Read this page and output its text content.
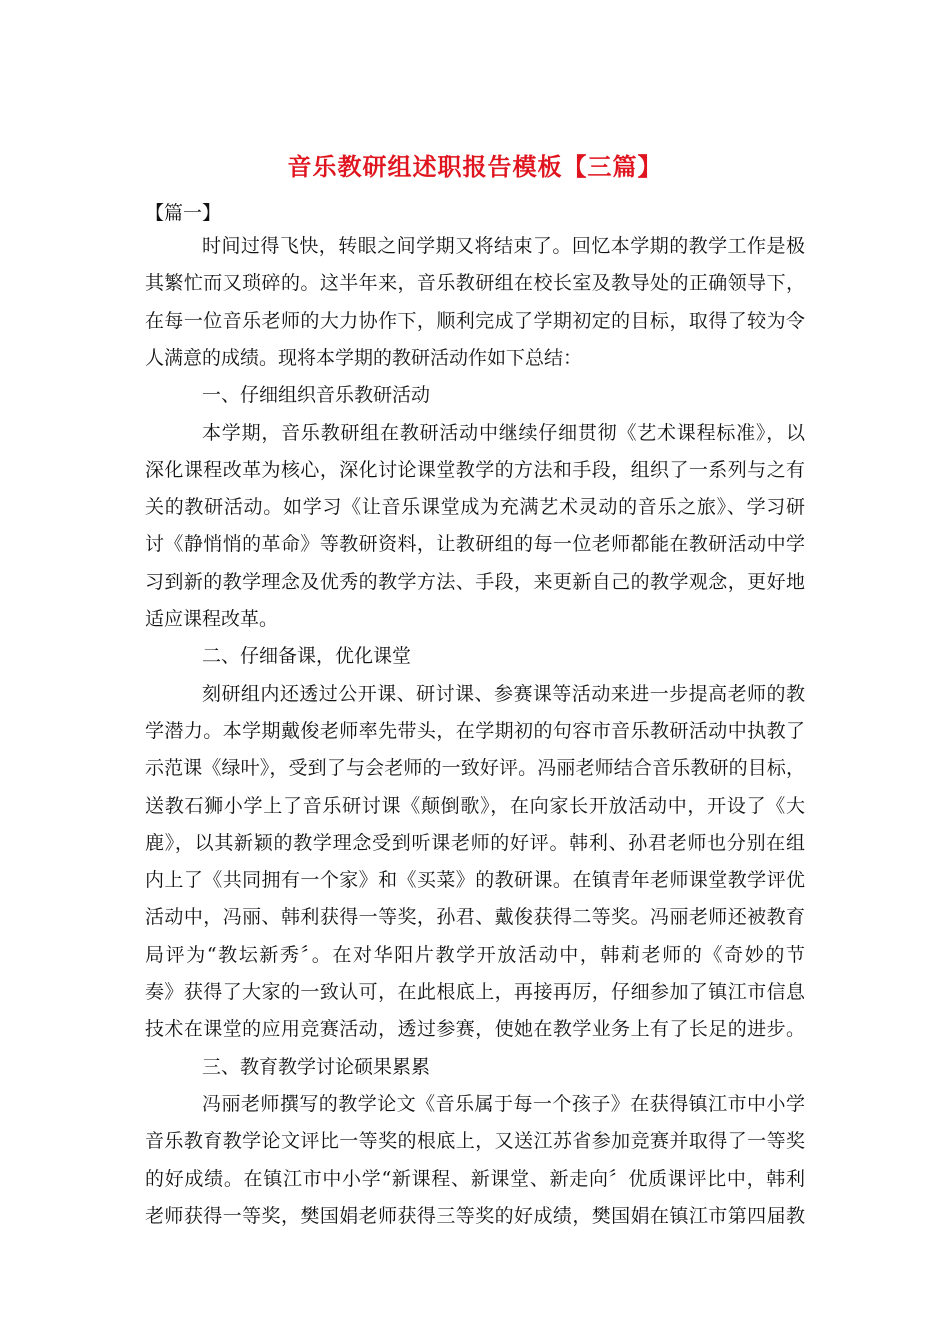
音乐教研组述职报告模板【三篇】
【篇一】
时间过得飞快，转眼之间学期又将结束了。回忆本学期的教学工作是极
其繁忙而又琐碎的。这半年来，音乐教研组在校长室及教导处的正确领导下，
在每一位音乐老师的大力协作下，顺利完成了学期初定的目标，取得了较为令
人满意的成绩。现将本学期的教研活动作如下总结：
一、仔细组织音乐教研活动
本学期，音乐教研组在教研活动中继续仔细贯彻《艺术课程标准》，以
深化课程改革为核心，深化讨论课堂教学的方法和手段，组织了一系列与之有
关的教研活动。如学习《让音乐课堂成为充满艺术灵动的音乐之旅》、学习研
讨《静悄悄的革命》等教研资料，让教研组的每一位老师都能在教研活动中学
习到新的教学理念及优秀的教学方法、手段，来更新自己的教学观念，更好地
适应课程改革。
二、仔细备课，优化课堂
刻研组内还透过公开课、研讨课、参赛课等活动来进一步提高老师的教
学潜力。本学期戴俊老师率先带头，在学期初的句容市音乐教研活动中执教了
示范课《绿叶》，受到了与会老师的一致好评。冯丽老师结合音乐教研的目标，
送教石狮小学上了音乐研讨课《颠倒歌》，在向家长开放活动中，开设了《大
鹿》，以其新颖的教学理念受到听课老师的好评。韩利、孙君老师也分别在组
内上了《共同拥有一个家》和《买菜》的教研课。在镇青年老师课堂教学评优
活动中，冯丽、韩利获得一等奖，孙君、戴俊获得二等奖。冯丽老师还被教育
局评为“教坛新秀〞。在对华阳片教学开放活动中，韩莉老师的《奇妙的节
奏》获得了大家的一致认可，在此根底上，再接再厉，仔细参加了镇江市信息
技术在课堂的应用竞赛活动，透过参赛，使她在教学业务上有了长足的进步。
三、教育教学讨论硕果累累
冯丽老师撰写的教学论文《音乐属于每一个孩子》在获得镇江市中小学
音乐教育教学论文评比一等奖的根底上，又送江苏省参加竞赛并取得了一等奖
的好成绩。在镇江市中小学“新课程、新课堂、新走向〞优质课评比中，韩利
老师获得一等奖，樊国娟老师获得三等奖的好成绩，樊国娟在镇江市第四届教
